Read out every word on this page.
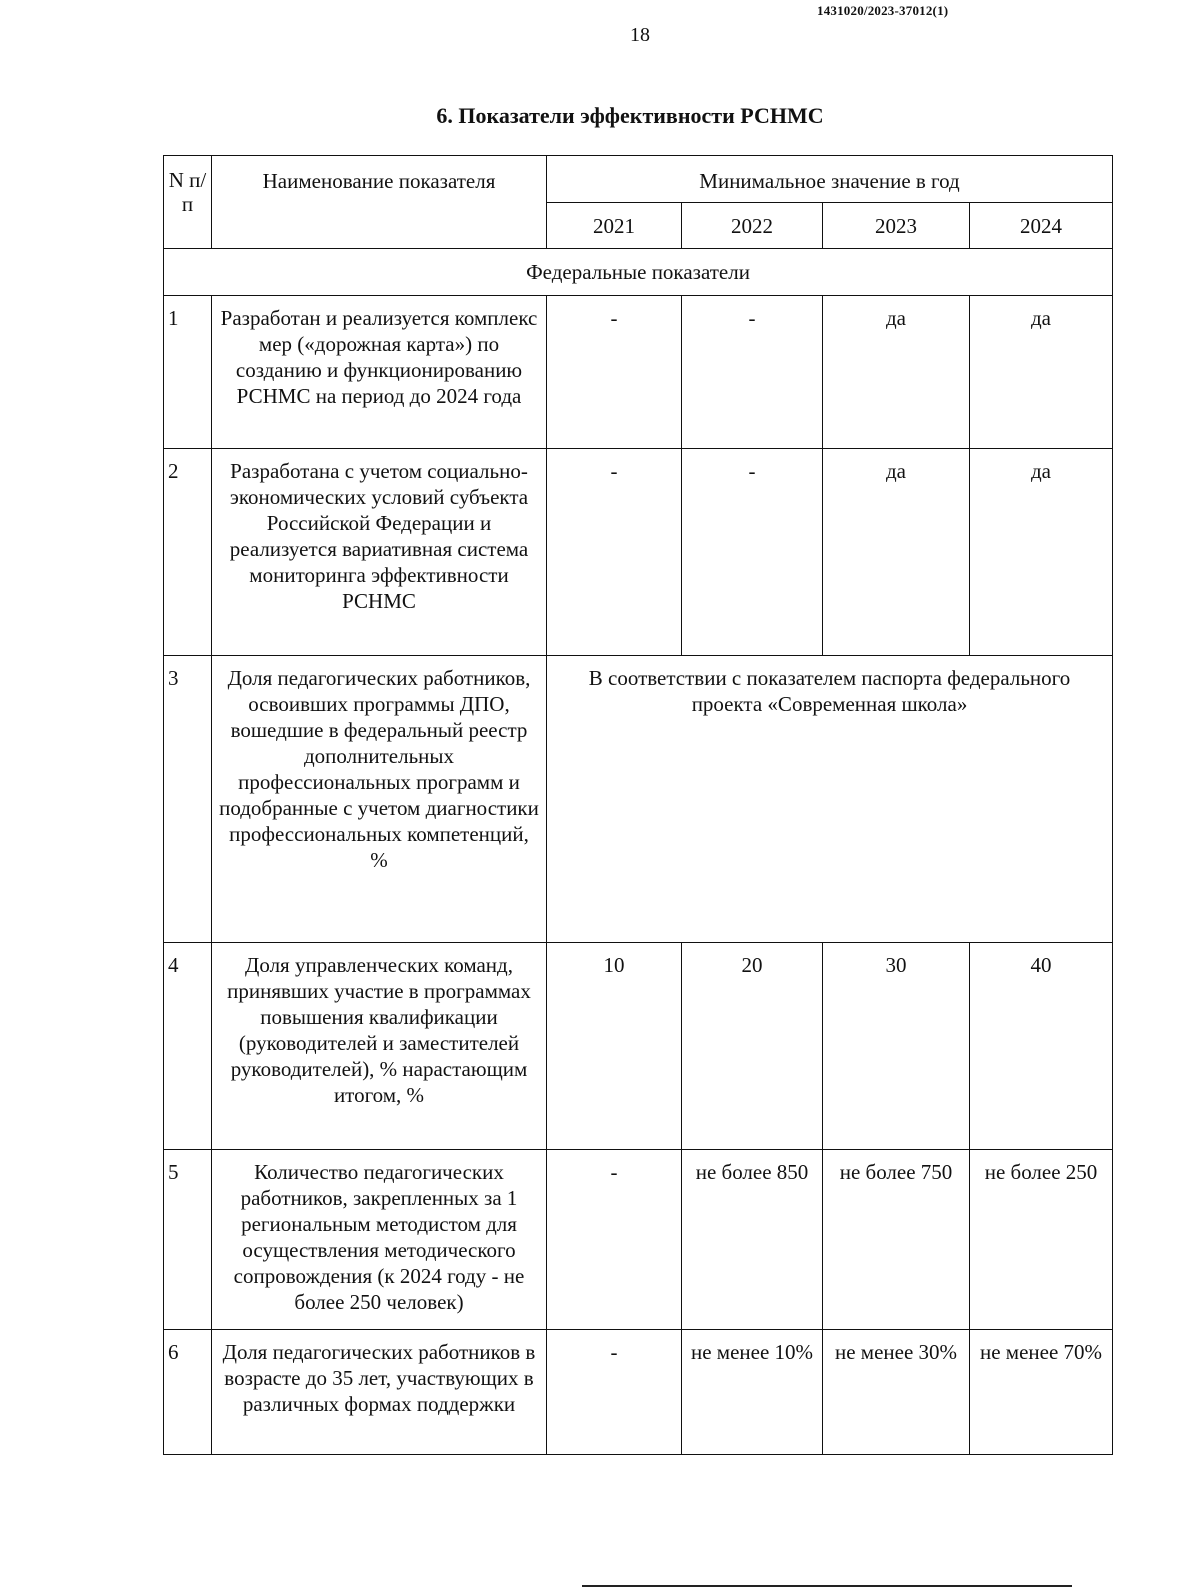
1431020/2023-37012(1)
18
6. Показатели эффективности РСНМС
N п/п	Наименование показателя	Минимальное значение в год			
		2021	2022	2023	2024
Федеральные показатели					
1	Разработан и реализуется комплекс мер («дорожная карта») по созданию и функционированию РСНМС на период до 2024 года	-	-	да	да
2	Разработана с учетом социально-экономических условий субъекта Российской Федерации и реализуется вариативная система мониторинга эффективности РСНМС	-	-	да	да
3	Доля педагогических работников, освоивших программы ДПО, вошедшие в федеральный реестр дополнительных профессиональных программ и подобранные с учетом диагностики профессиональных компетенций, %	В соответствии с показателем паспорта федерального проекта «Современная школа»			
4	Доля управленческих команд, принявших участие в программах повышения квалификации (руководителей и заместителей руководителей), % нарастающим итогом, %	10	20	30	40
5	Количество педагогических работников, закрепленных за 1 региональным методистом для осуществления методического сопровождения (к 2024 году - не более 250 человек)	-	не более 850	не более 750	не более 250
6	Доля педагогических работников в возрасте до 35 лет, участвующих в различных формах поддержки	-	не менее 10%	не менее 30%	не менее 70%
